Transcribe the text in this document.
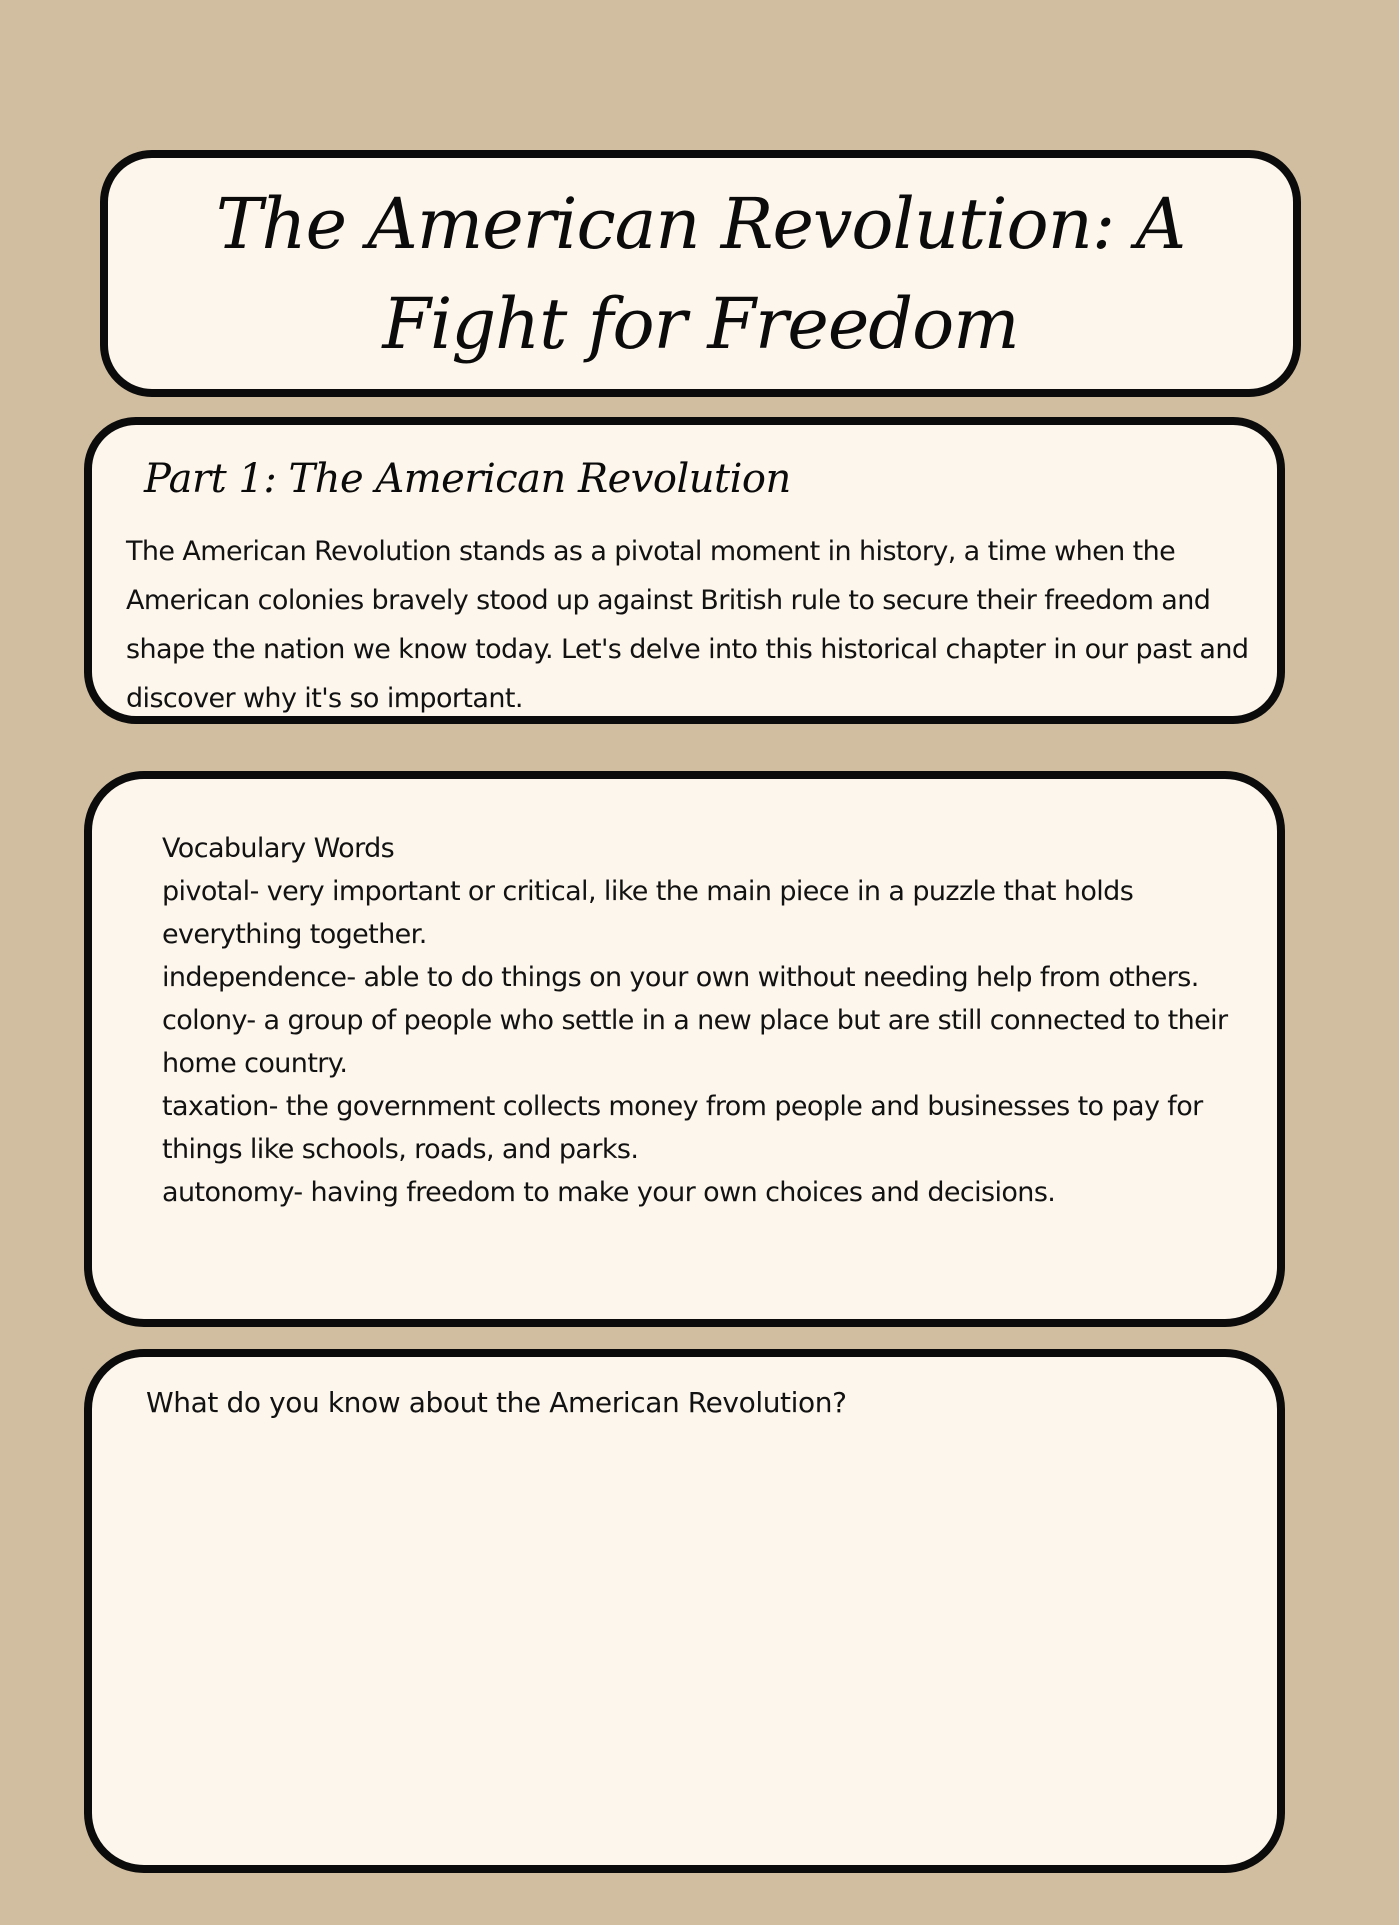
The American Revolution: A Fight for Freedom
Part 1: The American Revolution

The American Revolution stands as a pivotal moment in history, a time when the American colonies bravely stood up against British rule to secure their freedom and shape the nation we know today. Let's delve into this historical chapter in our past and discover why it's so important.

Vocabulary Words

pivotal- very important or critical, like the main piece in a puzzle that holds everything together.

independence- able to do things on your own without needing help from others.

colony- a group of people who settle in a new place but are still connected to their home country.

taxation- the government collects money from people and businesses to pay for things like schools, roads, and parks.

autonomy- having freedom to make your own choices and decisions.

What do you know about the American Revolution?
